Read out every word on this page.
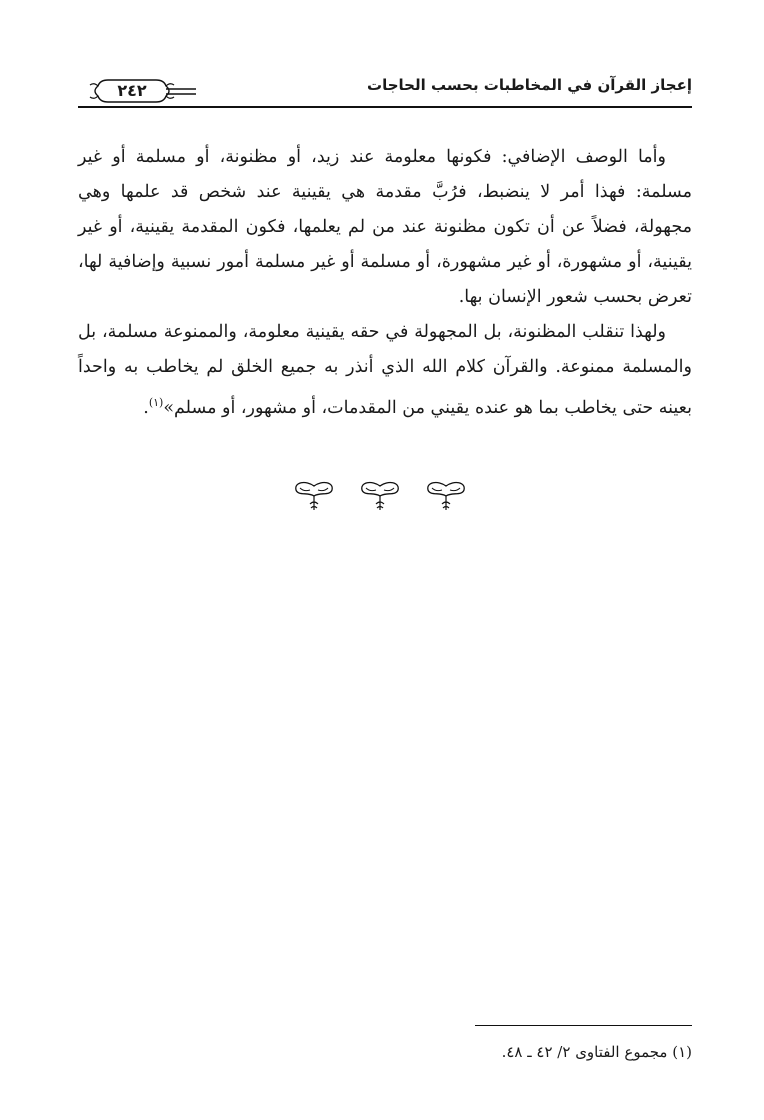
إعجاز القرآن في المخاطبات بحسب الحاجات
٢٤٢

وأما الوصف الإضافي: فكونها معلومة عند زيد، أو مظنونة، أو مسلمة أو غير مسلمة: فهذا أمر لا ينضبط، فرُبَّ مقدمة هي يقينية عند شخص قد علمها وهي مجهولة، فضلاً عن أن تكون مظنونة عند من لم يعلمها، فكون المقدمة يقينية، أو غير يقينية، أو مشهورة، أو غير مشهورة، أو مسلمة أو غير مسلمة أمور نسبية وإضافية لها، تعرض بحسب شعور الإنسان بها.

ولهذا تنقلب المظنونة، بل المجهولة في حقه يقينية معلومة، والممنوعة مسلمة، بل والمسلمة ممنوعة. والقرآن كلام الله الذي أنذر به جميع الخلق لم يخاطب به واحداً بعينه حتى يخاطب بما هو عنده يقيني من المقدمات، أو مشهور، أو مسلم»$^{(١)}$.

(١) مجموع الفتاوى ٢/ ٤٢ ـ ٤٨.
